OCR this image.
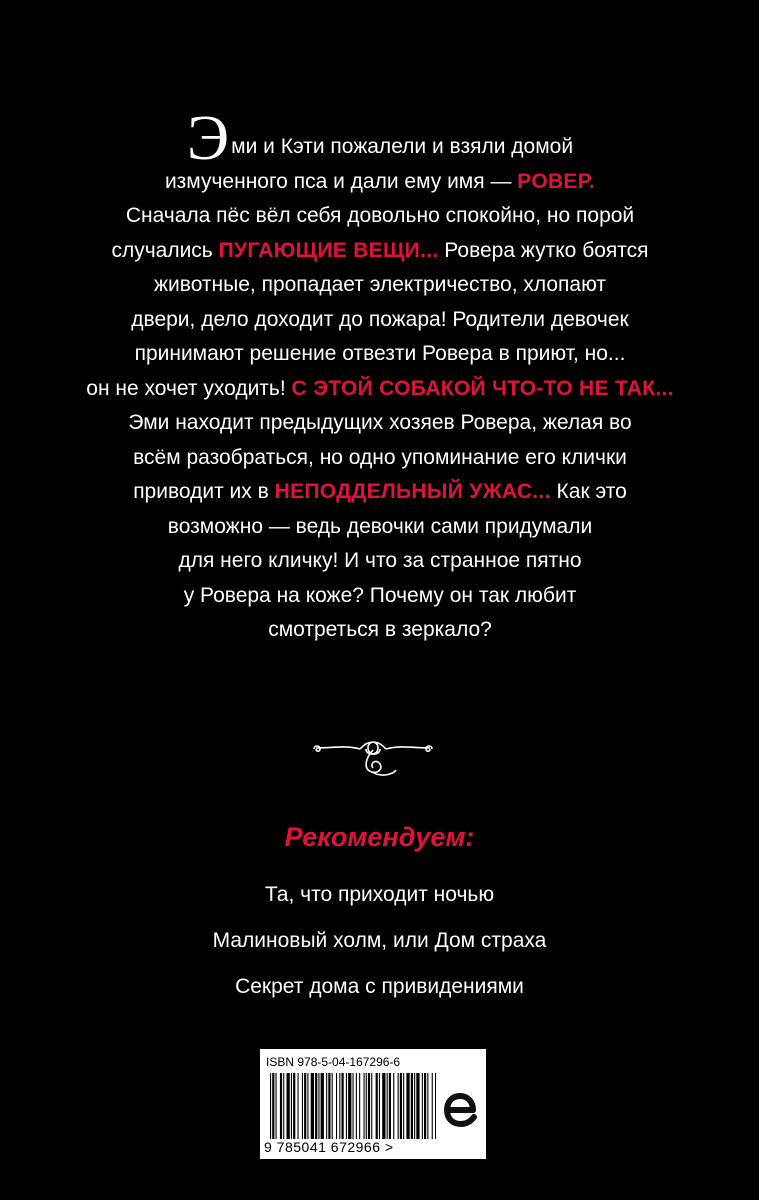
Эми и Кэти пожалели и взяли домой
измученного пса и дали ему имя — РОВЕР.
Сначала пёс вёл себя довольно спокойно, но порой
случались ПУГАЮЩИЕ ВЕЩИ... Ровера жутко боятся
животные, пропадает электричество, хлопают
двери, дело доходит до пожара! Родители девочек
принимают решение отвезти Ровера в приют, но...
он не хочет уходить! С ЭТОЙ СОБАКОЙ ЧТО-ТО НЕ ТАК...
Эми находит предыдущих хозяев Ровера, желая во
всём разобраться, но одно упоминание его клички
приводит их в НЕПОДДЕЛЬНЫЙ УЖАС... Как это
возможно — ведь девочки сами придумали
для него кличку! И что за странное пятно
у Ровера на коже? Почему он так любит
смотреться в зеркало?
Рекомендуем:
Та, что приходит ночью
Малиновый холм, или Дом страха
Секрет дома с привидениями
ISBN 978-5-04-167296-6
9 785041 672966 >
